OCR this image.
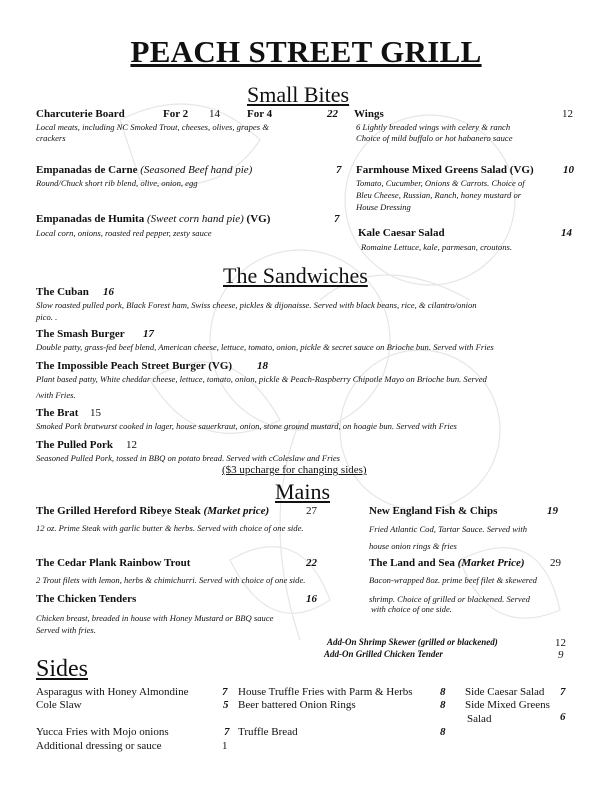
PEACH STREET GRILL
Small Bites
Charcuterie Board	For 2 14 For 4	22
Local meats, including NC Smoked Trout, cheeses, olives, grapes &
crackers
Wings	12
6 Lightly breaded wings with celery & ranch
Choice of mild buffalo or hot habanero sauce
Empanadas de Carne (Seasoned Beef hand pie)	7
Round/Chuck short rib blend, olive, onion, egg
Farmhouse Mixed Greens Salad (VG)	10
Tomato, Cucumber, Onions & Carrots. Choice of
Bleu Cheese, Russian, Ranch, honey mustard or
House Dressing
Empanadas de Humita (Sweet corn hand pie) (VG)	7
Local corn, onions, roasted red pepper, zesty sauce	Kale Caesar Salad	14
Romaine Lettuce, kale, parmesan, croutons.
The Sandwiches
The Cuban 16
Slow roasted pulled pork, Black Forest ham, Swiss cheese, pickles & dijonaisse. Served with black beans, rice, & cilantro/onion
pico. .
The Smash Burger 17
Double patty, grass-fed beef blend, American cheese, lettuce, tomato, onion, pickle & secret sauce on Brioche bun. Served with Fries
The Impossible Peach Street Burger (VG) 18
Plant based patty, White cheddar cheese, lettuce, tomato, onion, pickle & Peach-Raspberry Chipotle Mayo on Brioche bun. Served
/with Fries.
The Brat 15
Smoked Pork bratwurst cooked in lager, house sauerkraut, onion, stone ground mustard, on hoagie bun. Served with Fries
The Pulled Pork 12
Seasoned Pulled Pork, tossed in BBQ on potato bread. Served with cColeslaw and Fries
($3 upcharge for changing sides)
Mains
The Grilled Hereford Ribeye Steak (Market price)	27
12 oz. Prime Steak with garlic butter & herbs. Served with choice of one side.
New England Fish & Chips	19
Fried Atlantic Cod, Tartar Sauce. Served with
house onion rings & fries
The Cedar Plank Rainbow Trout	22
2 Trout filets with lemon, herbs & chimichurri. Served with choice of one side.
The Land and Sea (Market Price) 29
Bacon-wrapped 8oz. prime beef filet & skewered
shrimp. Choice of grilled or blackened. Served
with choice of one side.
The Chicken Tenders	16
Chicken breast, breaded in house with Honey Mustard or BBQ sauce
Served with fries.
Add-On Shrimp Skewer (grilled or blackened)	12
Add-On Grilled Chicken Tender	9
Sides
Asparagus with Honey Almondine	7
Cole Slaw	5
Yucca Fries with Mojo onions	7
Additional dressing or sauce	1
House Truffle Fries with Parm & Herbs 8
Beer battered Onion Rings	8
Truffle Bread	8
Side Caesar Salad 7
Side Mixed Greens
Salad	6
